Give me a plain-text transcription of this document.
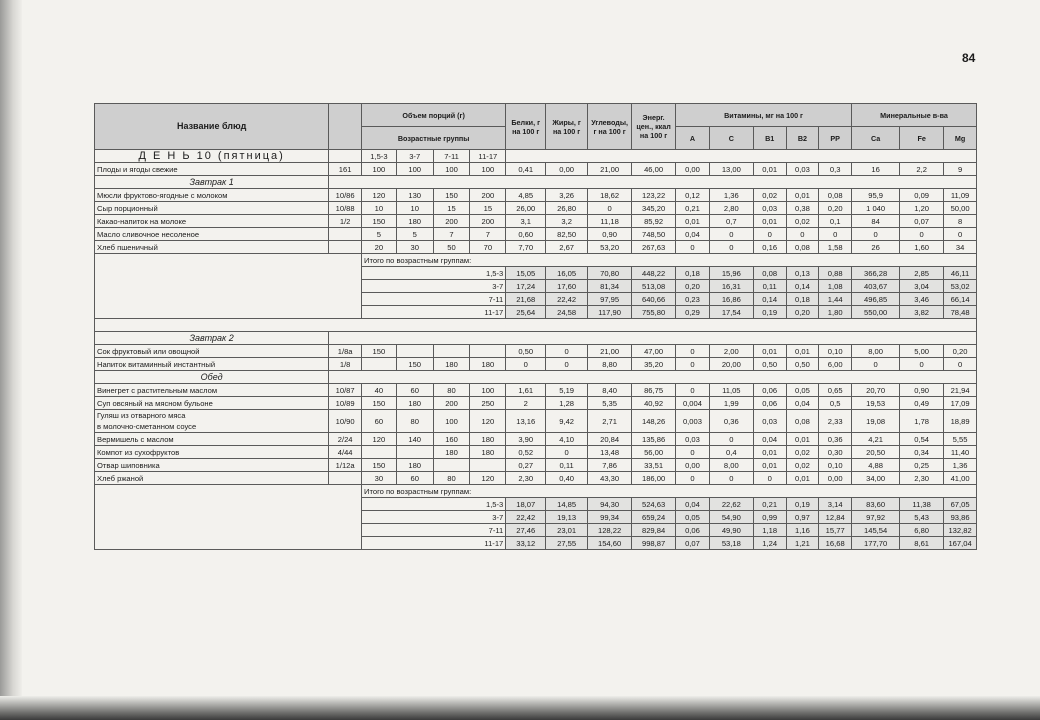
84
Название блюд		Объем порций (г)				Белки, г на 100 г	Жиры, г на 100 г	Углеводы, г на 100 г	Энерг. цен., ккал на 100 г	Витамины, мг на 100 г					Минеральные в-ва		
		Возрастные группы								A	C	B1	B2	PP	Ca	Fe	Mg
Д Е Н Ь 10 (пятница)		1,5-3	3-7	7-11	11-17												
Плоды и ягоды свежие	161	100	100	100	100	0,41	0,00	21,00	46,00	0,00	13,00	0,01	0,03	0,3	16	2,2	9
Завтрак 1																	
Мюсли фруктово-ягодные с молоком	10/86	120	130	150	200	4,85	3,26	18,62	123,22	0,12	1,36	0,02	0,01	0,08	95,9	0,09	11,09
Сыр порционный	10/88	10	10	15	15	26,00	26,80	0	345,20	0,21	2,80	0,03	0,38	0,20	1 040	1,20	50,00
Какао-напиток на молоке	1/2	150	180	200	200	3,1	3,2	11,18	85,92	0,01	0,7	0,01	0,02	0,1	84	0,07	8
Масло сливочное несоленое		5	5	7	7	0,60	82,50	0,90	748,50	0,04	0	0	0	0	0	0	0
Хлеб пшеничный		20	30	50	70	7,70	2,67	53,20	267,63	0	0	0,16	0,08	1,58	26	1,60	34
		Итого по возрастным группам:															
		1,5-3				15,05	16,05	70,80	448,22	0,18	15,96	0,08	0,13	0,88	366,28	2,85	46,11
		3-7				17,24	17,60	81,34	513,08	0,20	16,31	0,11	0,14	1,08	403,67	3,04	53,02
		7-11				21,68	22,42	97,95	640,66	0,23	16,86	0,14	0,18	1,44	496,85	3,46	66,14
		11-17				25,64	24,58	117,90	755,80	0,29	17,54	0,19	0,20	1,80	550,00	3,82	78,48

Завтрак 2																	
Сок фруктовый или овощной	1/8а	150				0,50	0	21,00	47,00	0	2,00	0,01	0,01	0,10	8,00	5,00	0,20
Напиток витаминный инстантный	1/8		150	180	180	0	0	8,80	35,20	0	20,00	0,50	0,50	6,00	0	0	0
Обед																	
Винегрет с растительным маслом	10/87	40	60	80	100	1,61	5,19	8,40	86,75	0	11,05	0,06	0,05	0,65	20,70	0,90	21,94
Суп овсяный на мясном бульоне	10/89	150	180	200	250	2	1,28	5,35	40,92	0,004	1,99	0,06	0,04	0,5	19,53	0,49	17,09
Гуляш из отварного мяса
в молочно-сметанном соусе	10/90	60	80	100	120	13,16	9,42	2,71	148,26	0,003	0,36	0,03	0,08	2,33	19,08	1,78	18,89
Вермишель с маслом	2/24	120	140	160	180	3,90	4,10	20,84	135,86	0,03	0	0,04	0,01	0,36	4,21	0,54	5,55
Компот из сухофруктов	4/44			180	180	0,52	0	13,48	56,00	0	0,4	0,01	0,02	0,30	20,50	0,34	11,40
Отвар шиповника	1/12а	150	180			0,27	0,11	7,86	33,51	0,00	8,00	0,01	0,02	0,10	4,88	0,25	1,36
Хлеб ржаной		30	60	80	120	2,30	0,40	43,30	186,00	0	0	0	0,01	0,00	34,00	2,30	41,00
		Итого по возрастным группам:															
		1,5-3				18,07	14,85	94,30	524,63	0,04	22,62	0,21	0,19	3,14	83,60	11,38	67,05
		3-7				22,42	19,13	99,34	659,24	0,05	54,90	0,99	0,97	12,84	97,92	5,43	93,86
		7-11				27,46	23,01	128,22	829,84	0,06	49,90	1,18	1,16	15,77	145,54	6,80	132,82
		11-17				33,12	27,55	154,60	998,87	0,07	53,18	1,24	1,21	16,68	177,70	8,61	167,04
